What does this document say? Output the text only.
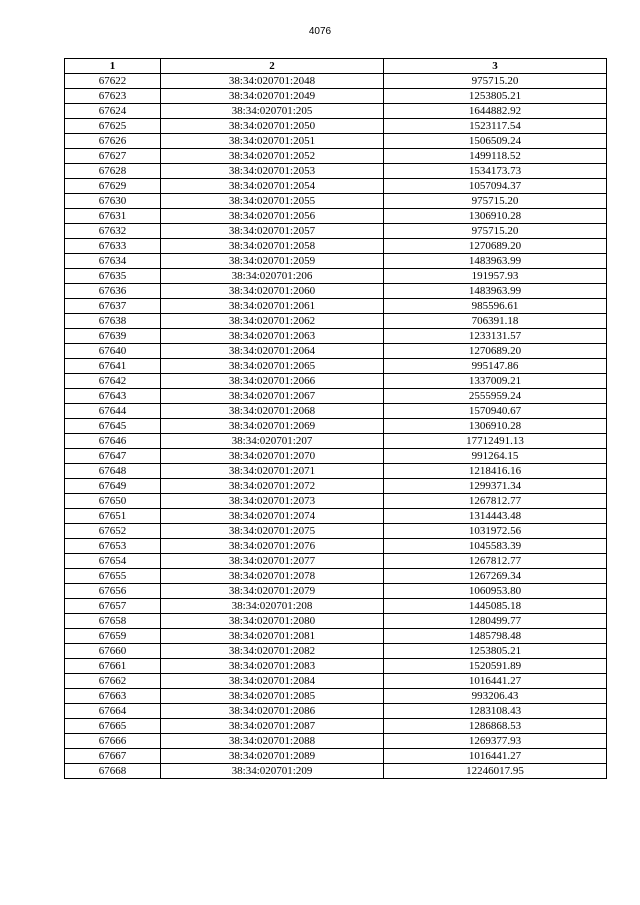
4076
1	2	3
67622	38:34:020701:2048	975715.20
67623	38:34:020701:2049	1253805.21
67624	38:34:020701:205	1644882.92
67625	38:34:020701:2050	1523117.54
67626	38:34:020701:2051	1506509.24
67627	38:34:020701:2052	1499118.52
67628	38:34:020701:2053	1534173.73
67629	38:34:020701:2054	1057094.37
67630	38:34:020701:2055	975715.20
67631	38:34:020701:2056	1306910.28
67632	38:34:020701:2057	975715.20
67633	38:34:020701:2058	1270689.20
67634	38:34:020701:2059	1483963.99
67635	38:34:020701:206	191957.93
67636	38:34:020701:2060	1483963.99
67637	38:34:020701:2061	985596.61
67638	38:34:020701:2062	706391.18
67639	38:34:020701:2063	1233131.57
67640	38:34:020701:2064	1270689.20
67641	38:34:020701:2065	995147.86
67642	38:34:020701:2066	1337009.21
67643	38:34:020701:2067	2555959.24
67644	38:34:020701:2068	1570940.67
67645	38:34:020701:2069	1306910.28
67646	38:34:020701:207	17712491.13
67647	38:34:020701:2070	991264.15
67648	38:34:020701:2071	1218416.16
67649	38:34:020701:2072	1299371.34
67650	38:34:020701:2073	1267812.77
67651	38:34:020701:2074	1314443.48
67652	38:34:020701:2075	1031972.56
67653	38:34:020701:2076	1045583.39
67654	38:34:020701:2077	1267812.77
67655	38:34:020701:2078	1267269.34
67656	38:34:020701:2079	1060953.80
67657	38:34:020701:208	1445085.18
67658	38:34:020701:2080	1280499.77
67659	38:34:020701:2081	1485798.48
67660	38:34:020701:2082	1253805.21
67661	38:34:020701:2083	1520591.89
67662	38:34:020701:2084	1016441.27
67663	38:34:020701:2085	993206.43
67664	38:34:020701:2086	1283108.43
67665	38:34:020701:2087	1286868.53
67666	38:34:020701:2088	1269377.93
67667	38:34:020701:2089	1016441.27
67668	38:34:020701:209	12246017.95
